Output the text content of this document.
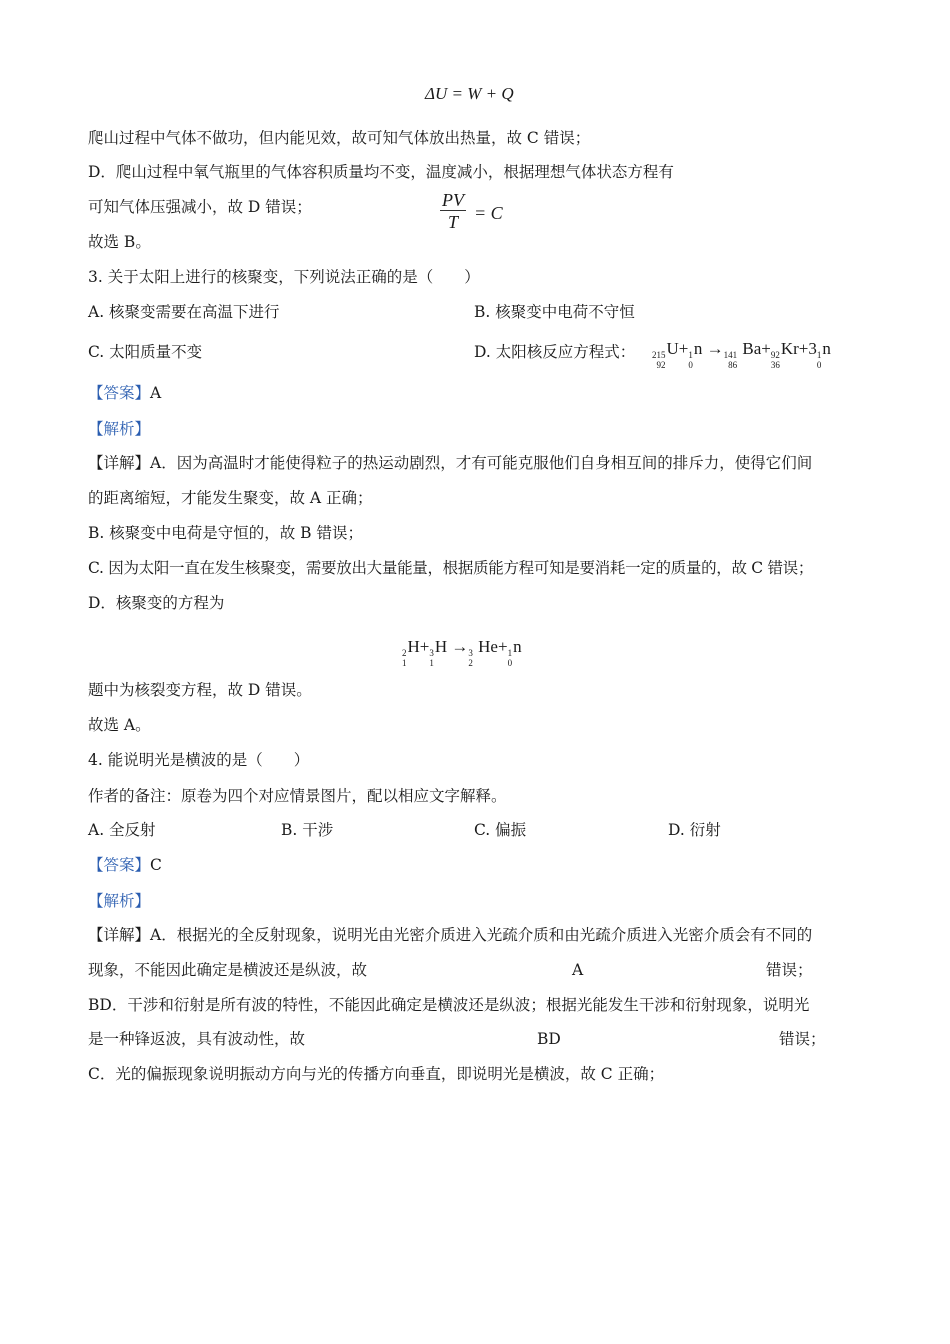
ΔU = W + Q
爬山过程中气体不做功，但内能见效，故可知气体放出热量，故 C 错误；
D．爬山过程中氧气瓶里的气体容积质量均不变，温度减小，根据理想气体状态方程有
可知气体压强减小，故 D 错误；	$\frac{PV}{T} = C$
故选 B。
3. 关于太阳上进行的核聚变，下列说法正确的是（　　）
A. 核聚变需要在高温下进行	B. 核聚变中电荷不守恒
C. 太阳质量不变	D. 太阳核反应方程式： 215
92
U+ 1
0
n → 141
86
Ba+ 92
36
Kr+3 1
0
n
【答案】A
【解析】
【详解】A．因为高温时才能使得粒子的热运动剧烈，才有可能克服他们自身相互间的排斥力，使得它们间
的距离缩短，才能发生聚变，故 A 正确；
B. 核聚变中电荷是守恒的，故 B 错误；
C. 因为太阳一直在发生核聚变，需要放出大量能量，根据质能方程可知是要消耗一定的质量的，故 C 错误；
D．核聚变的方程为
2
1
H+ 3
1
H → 3
2
He+ 1
0
n
题中为核裂变方程，故 D 错误。
故选 A。
4. 能说明光是横波的是（　　）
作者的备注：原卷为四个对应情景图片，配以相应文字解释。
A. 全反射	B. 干涉	C. 偏振	D. 衍射
【答案】C
【解析】
【详解】A．根据光的全反射现象，说明光由光密介质进入光疏介质和由光疏介质进入光密介质会有不同的
现象，不能因此确定是横波还是纵波，故	A	错误；
BD．干涉和衍射是所有波的特性，不能因此确定是横波还是纵波；根据光能发生干涉和衍射现象，说明光
是一种锋返波，具有波动性，故	BD	错误；
C．光的偏振现象说明振动方向与光的传播方向垂直，即说明光是横波，故 C 正确；
